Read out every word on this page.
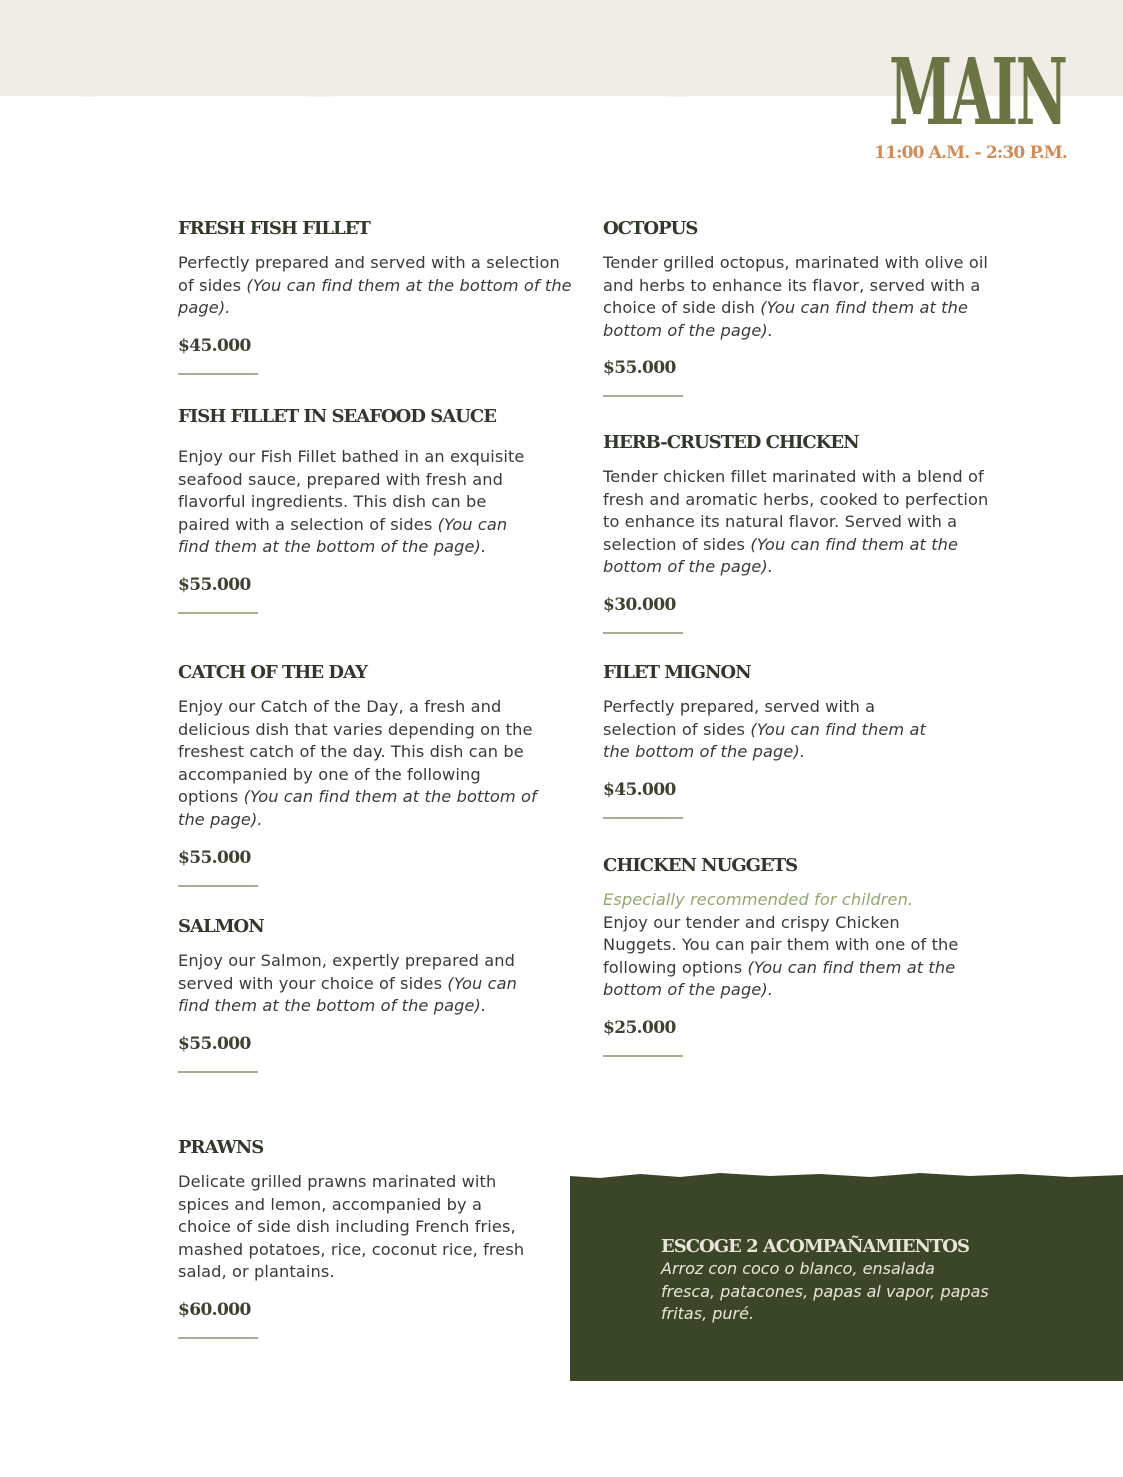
MAIN
11:00 A.M. - 2:30 P.M.
FRESH FISH FILLET

Perfectly prepared and served with a selection of sides (You can find them at the bottom of the page).

$45.000
FISH FILLET IN SEAFOOD SAUCE

Enjoy our Fish Fillet bathed in an exquisite seafood sauce, prepared with fresh and flavorful ingredients. This dish can be paired with a selection of sides (You can find them at the bottom of the page).

$55.000
CATCH OF THE DAY

Enjoy our Catch of the Day, a fresh and delicious dish that varies depending on the freshest catch of the day. This dish can be accompanied by one of the following options (You can find them at the bottom of the page).

$55.000
SALMON

Enjoy our Salmon, expertly prepared and served with your choice of sides (You can find them at the bottom of the page).

$55.000
PRAWNS

Delicate grilled prawns marinated with spices and lemon, accompanied by a choice of side dish including French fries, mashed potatoes, rice, coconut rice, fresh salad, or plantains.

$60.000
OCTOPUS

Tender grilled octopus, marinated with olive oil and herbs to enhance its flavor, served with a choice of side dish (You can find them at the bottom of the page).

$55.000
HERB-CRUSTED CHICKEN

Tender chicken fillet marinated with a blend of fresh and aromatic herbs, cooked to perfection to enhance its natural flavor. Served with a selection of sides (You can find them at the bottom of the page).

$30.000
FILET MIGNON

Perfectly prepared, served with a selection of sides (You can find them at the bottom of the page).

$45.000
CHICKEN NUGGETS

Especially recommended for children.
Enjoy our tender and crispy Chicken Nuggets. You can pair them with one of the following options (You can find them at the bottom of the page).

$25.000
ESCOGE 2 ACOMPAÑAMIENTOS

Arroz con coco o blanco, ensalada fresca, patacones, papas al vapor, papas fritas, puré.
